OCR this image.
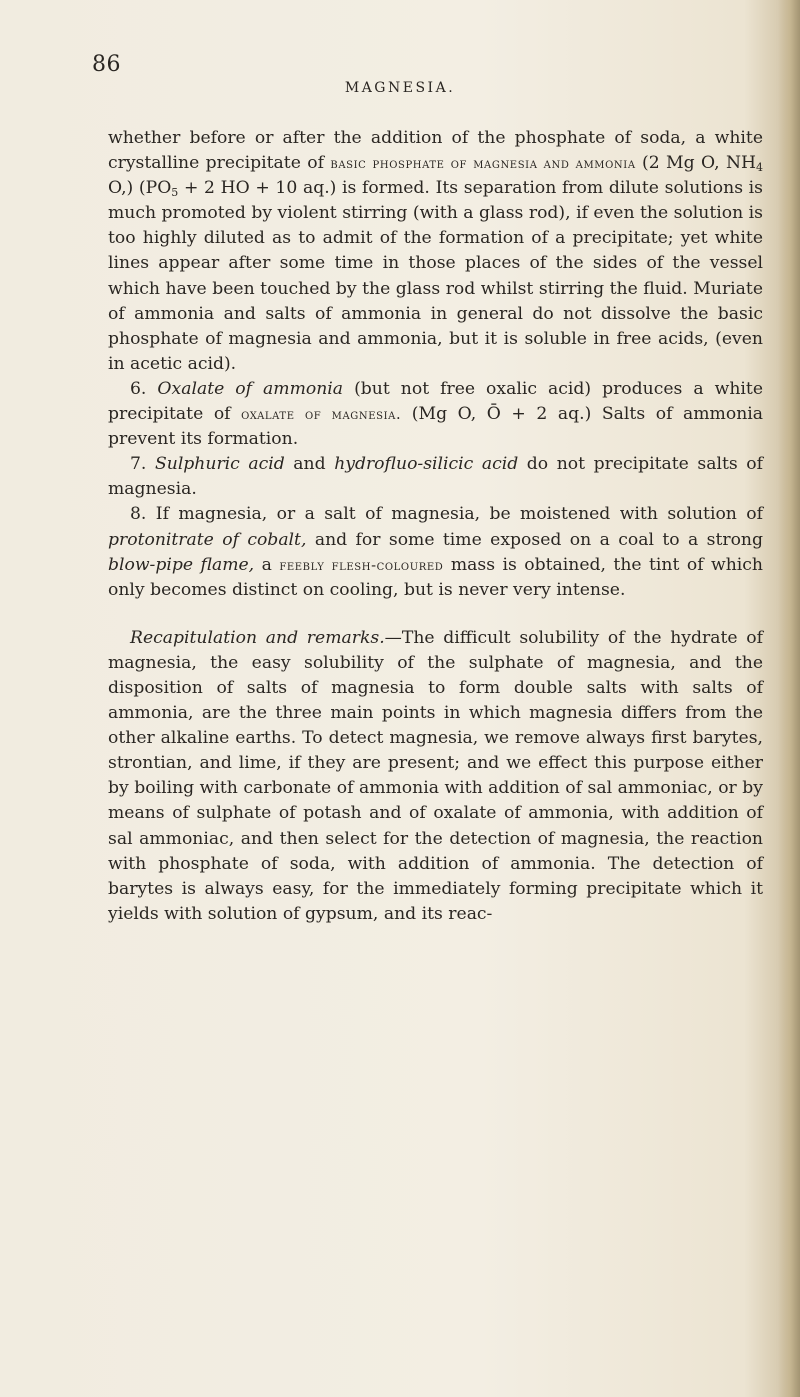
86
MAGNESIA.

whether before or after the addition of the phosphate of soda, a white crystalline precipitate of basic phosphate of magnesia and ammonia (2 Mg O, $NH_4$ O,) ($PO_5 + 2$ HO + 10 aq.) is formed. Its separation from dilute solutions is much promoted by violent stirring (with a glass rod), if even the solution is too highly diluted as to admit of the formation of a precipitate; yet white lines appear after some time in those places of the sides of the vessel which have been touched by the glass rod whilst stirring the fluid. Muriate of ammonia and salts of ammonia in general do not dissolve the basic phosphate of magnesia and ammonia, but it is soluble in free acids, (even in acetic acid).

6. Oxalate of ammonia (but not free oxalic acid) produces a white precipitate of oxalate of magnesia. (Mg O, Ō + 2 aq.) Salts of ammonia prevent its formation.

7. Sulphuric acid and hydrofluo-silicic acid do not precipitate salts of magnesia.

8. If magnesia, or a salt of magnesia, be moistened with solution of protonitrate of cobalt, and for some time exposed on a coal to a strong blow-pipe flame, a feebly flesh-coloured mass is obtained, the tint of which only becomes distinct on cooling, but is never very intense.

Recapitulation and remarks.—The difficult solubility of the hydrate of magnesia, the easy solubility of the sulphate of magnesia, and the disposition of salts of magnesia to form double salts with salts of ammonia, are the three main points in which magnesia differs from the other alkaline earths. To detect magnesia, we remove always first barytes, strontian, and lime, if they are present; and we effect this purpose either by boiling with carbonate of ammonia with addition of sal ammoniac, or by means of sulphate of potash and of oxalate of ammonia, with addition of sal ammoniac, and then select for the detection of magnesia, the reaction with phosphate of soda, with addition of ammonia. The detection of barytes is always easy, for the immediately forming precipitate which it yields with solution of gypsum, and its reac-
